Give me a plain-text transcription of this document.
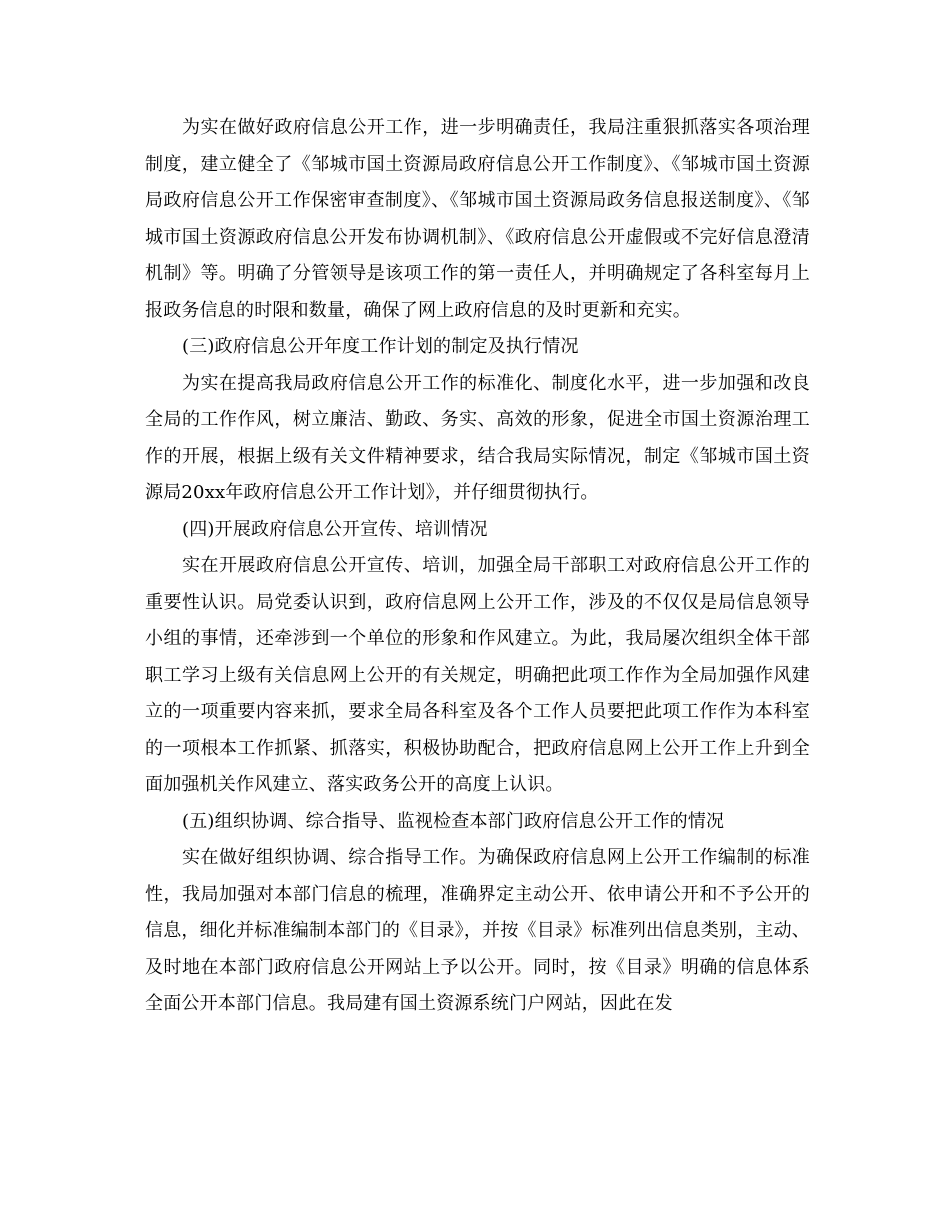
为实在做好政府信息公开工作，进一步明确责任，我局注重狠抓落实各项治理制度，建立健全了《邹城市国土资源局政府信息公开工作制度》、《邹城市国土资源局政府信息公开工作保密审查制度》、《邹城市国土资源局政务信息报送制度》、《邹城市国土资源政府信息公开发布协调机制》、《政府信息公开虚假或不完好信息澄清机制》等。明确了分管领导是该项工作的第一责任人，并明确规定了各科室每月上报政务信息的时限和数量，确保了网上政府信息的及时更新和充实。

(三)政府信息公开年度工作计划的制定及执行情况

为实在提高我局政府信息公开工作的标准化、制度化水平，进一步加强和改良全局的工作作风，树立廉洁、勤政、务实、高效的形象，促进全市国土资源治理工作的开展，根据上级有关文件精神要求，结合我局实际情况，制定《邹城市国土资源局20xx年政府信息公开工作计划》，并仔细贯彻执行。

(四)开展政府信息公开宣传、培训情况

实在开展政府信息公开宣传、培训，加强全局干部职工对政府信息公开工作的重要性认识。局党委认识到，政府信息网上公开工作，涉及的不仅仅是局信息领导小组的事情，还牵涉到一个单位的形象和作风建立。为此，我局屡次组织全体干部职工学习上级有关信息网上公开的有关规定，明确把此项工作作为全局加强作风建立的一项重要内容来抓，要求全局各科室及各个工作人员要把此项工作作为本科室的一项根本工作抓紧、抓落实，积极协助配合，把政府信息网上公开工作上升到全面加强机关作风建立、落实政务公开的高度上认识。

(五)组织协调、综合指导、监视检查本部门政府信息公开工作的情况

实在做好组织协调、综合指导工作。为确保政府信息网上公开工作编制的标准性，我局加强对本部门信息的梳理，准确界定主动公开、依申请公开和不予公开的信息，细化并标准编制本部门的《目录》，并按《目录》标准列出信息类别，主动、及时地在本部门政府信息公开网站上予以公开。同时，按《目录》明确的信息体系全面公开本部门信息。我局建有国土资源系统门户网站，因此在发
